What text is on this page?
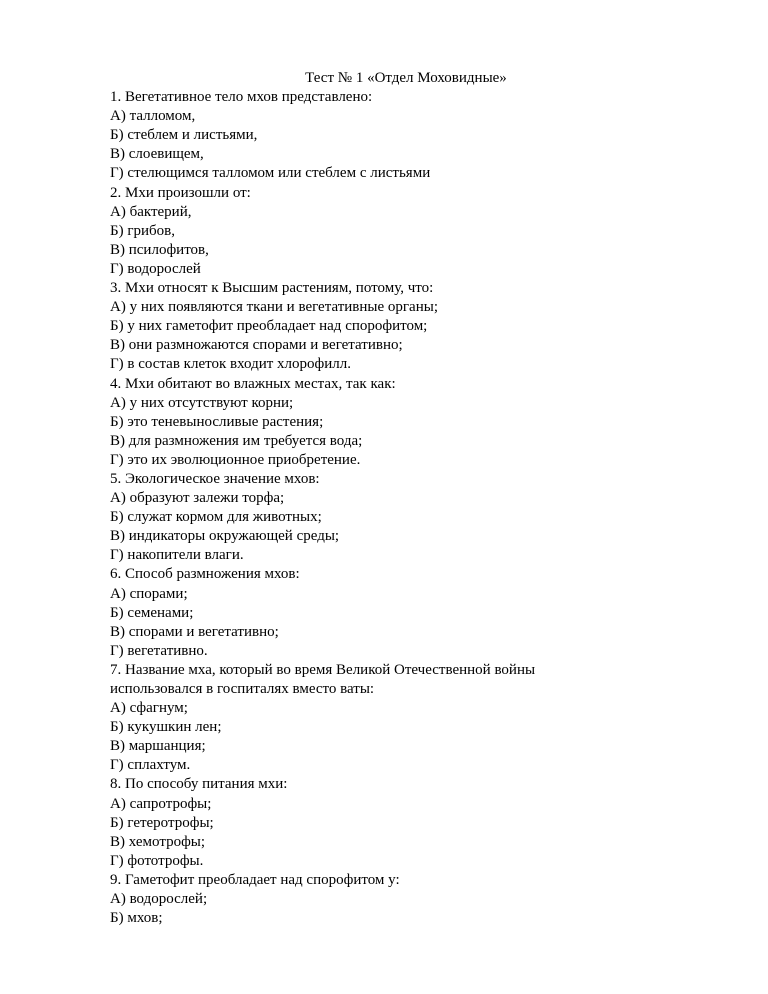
Тест № 1 «Отдел Моховидные»

1. Вегетативное тело мхов представлено:

А) талломом,
Б) стеблем и листьями,
В) слоевищем,
Г) стелющимся талломом или стеблем с листьями

2. Мхи произошли от:

А) бактерий,
Б) грибов,
В) псилофитов,
Г) водорослей

3. Мхи относят к Высшим растениям, потому, что:

А) у них появляются ткани и вегетативные органы;
Б) у них гаметофит преобладает над спорофитом;
В) они размножаются спорами и вегетативно;
Г) в состав клеток входит хлорофилл.

4. Мхи обитают во влажных местах, так как:

А) у них отсутствуют корни;
Б) это теневыносливые растения;
В) для размножения им требуется вода;
Г) это их эволюционное приобретение.

5. Экологическое значение мхов:

А) образуют залежи торфа;
Б) служат кормом для животных;
В) индикаторы окружающей среды;
Г) накопители влаги.

6. Способ размножения мхов:

А) спорами;
Б) семенами;
В) спорами и вегетативно;
Г) вегетативно.

7. Название мха, который во время Великой Отечественной войны

использовался в госпиталях вместо ваты:

А) сфагнум;
Б) кукушкин лен;
В) маршанция;
Г) сплахтум.

8. По способу питания мхи:

А) сапротрофы;
Б) гетеротрофы;
В) хемотрофы;
Г) фототрофы.

9. Гаметофит преобладает над спорофитом у:

А) водорослей;
Б) мхов;
